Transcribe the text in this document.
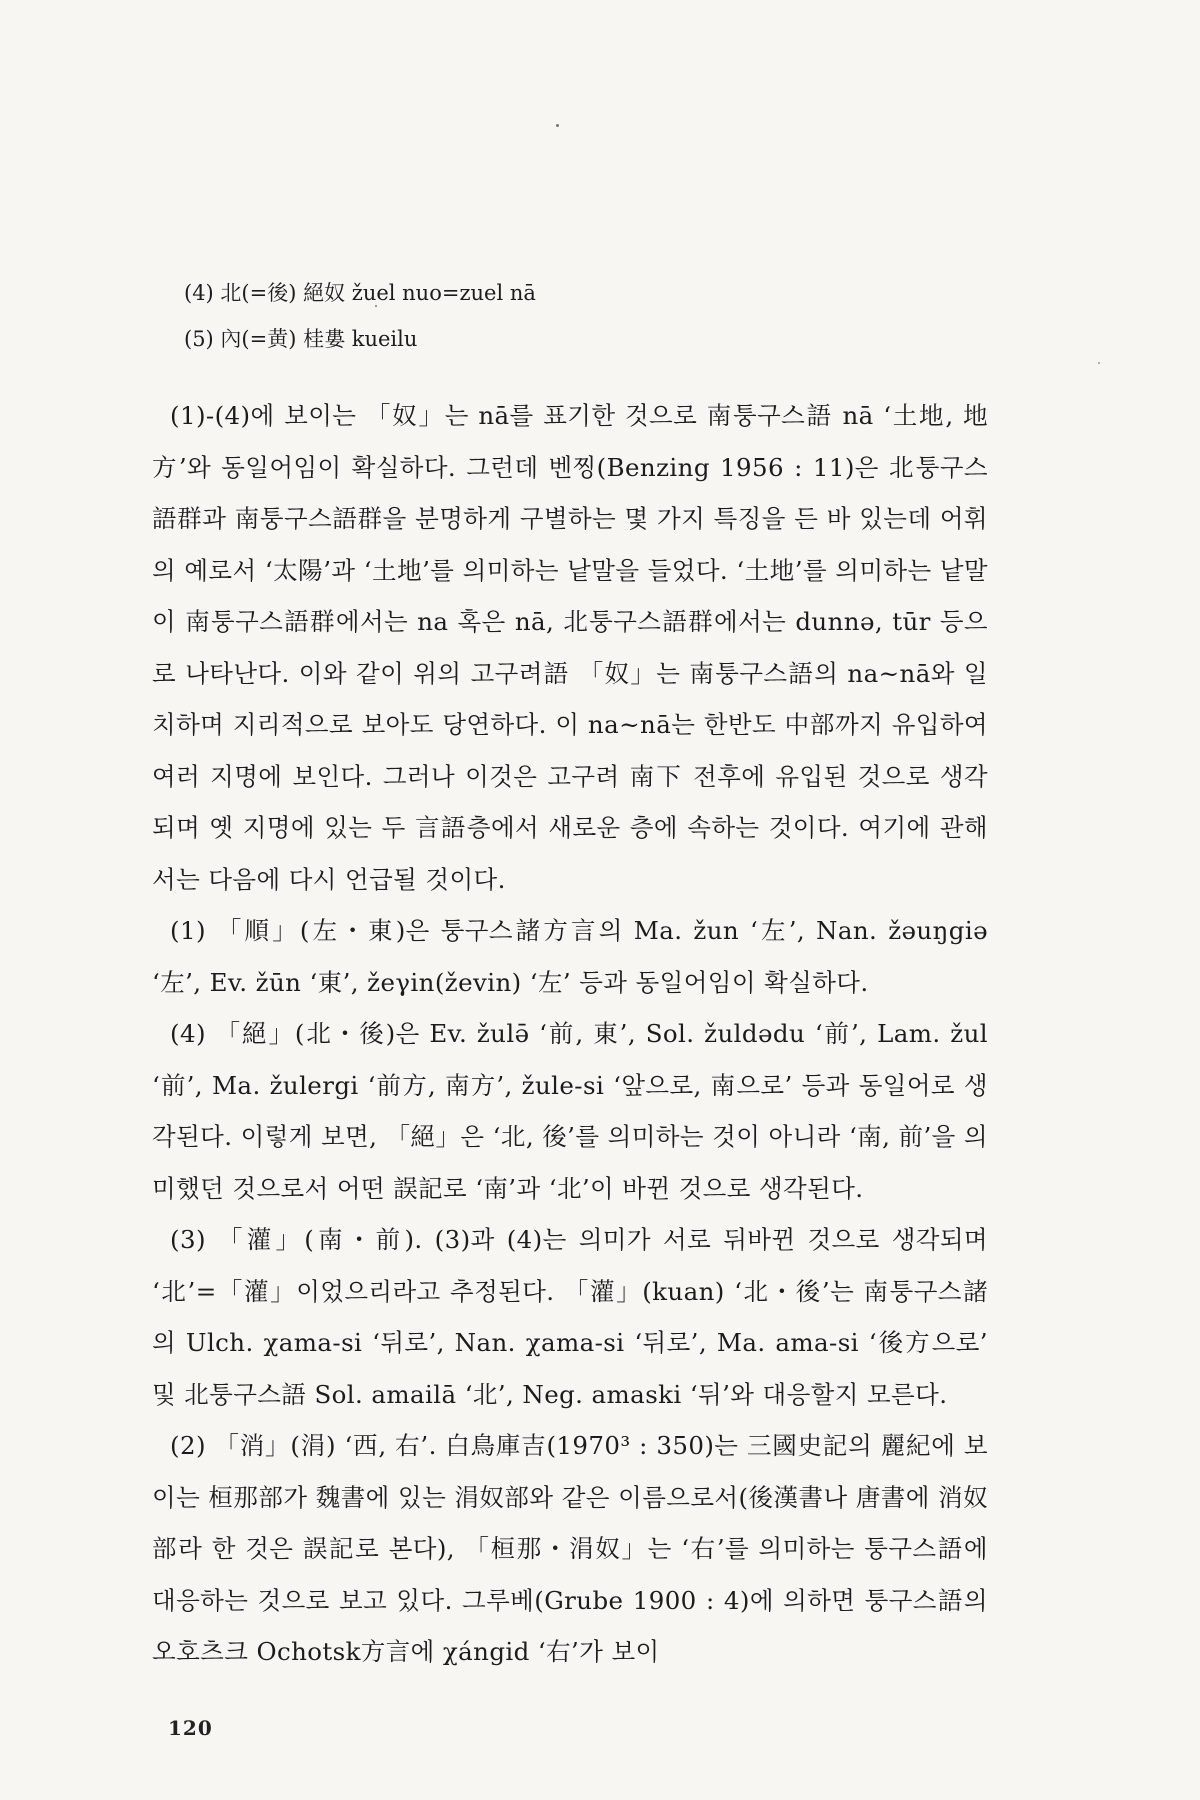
(4) 北(=後) 絕奴 žuel nuo=zuel nā
(5) 內(=黄) 桂婁 kueilu

(1)-(4)에 보이는 「奴」는 nā를 표기한 것으로 南퉁구스語 nā ‘土地, 地方’와 동일어임이 확실하다. 그런데 벤찡(Benzing 1956 : 11)은 北퉁구스語群과 南퉁구스語群을 분명하게 구별하는 몇 가지 특징을 든 바 있는데 어휘의 예로서 ‘太陽’과 ‘土地’를 의미하는 낱말을 들었다. ‘土地’를 의미하는 낱말이 南퉁구스語群에서는 na 혹은 nā, 北퉁구스語群에서는 dunnə, tūr 등으로 나타난다. 이와 같이 위의 고구려語 「奴」는 南퉁구스語의 na~nā와 일치하며 지리적으로 보아도 당연하다. 이 na~nā는 한반도 中部까지 유입하여 여러 지명에 보인다. 그러나 이것은 고구려 南下 전후에 유입된 것으로 생각되며 옛 지명에 있는 두 言語층에서 새로운 층에 속하는 것이다. 여기에 관해서는 다음에 다시 언급될 것이다.

(1) 「順」(左・東)은 퉁구스諸方言의 Ma. žun ‘左’, Nan. žəuŋgiə ‘左’, Ev. žūn ‘東’, žeγin(ževin) ‘左’ 등과 동일어임이 확실하다.

(4) 「絕」(北・後)은 Ev. žulə̄ ‘前, 東’, Sol. žuldədu ‘前’, Lam. žul ‘前’, Ma. žulergi ‘前方, 南方’, žule-si ‘앞으로, 南으로’ 등과 동일어로 생각된다. 이렇게 보면, 「絕」은 ‘北, 後’를 의미하는 것이 아니라 ‘南, 前’을 의미했던 것으로서 어떤 誤記로 ‘南’과 ‘北’이 바뀐 것으로 생각된다.

(3) 「灌」(南・前). (3)과 (4)는 의미가 서로 뒤바뀐 것으로 생각되며 ‘北’=「灌」이었으리라고 추정된다. 「灌」(kuan) ‘北・後’는 南퉁구스諸의 Ulch. χama-si ‘뒤로’, Nan. χama-si ‘뒤로’, Ma. ama-si ‘後方으로’ 및 北퉁구스語 Sol. amailā ‘北’, Neg. amaski ‘뒤’와 대응할지 모른다.

(2) 「消」(涓) ‘西, 右’. 白鳥庫吉(1970³ : 350)는 三國史記의 麗紀에 보이는 桓那部가 魏書에 있는 涓奴部와 같은 이름으로서(後漢書나 唐書에 消奴部라 한 것은 誤記로 본다), 「桓那・涓奴」는 ‘右’를 의미하는 퉁구스語에 대응하는 것으로 보고 있다. 그루베(Grube 1900 : 4)에 의하면 퉁구스語의 오호츠크 Ochotsk方言에 χángid ‘右’가 보이

120
